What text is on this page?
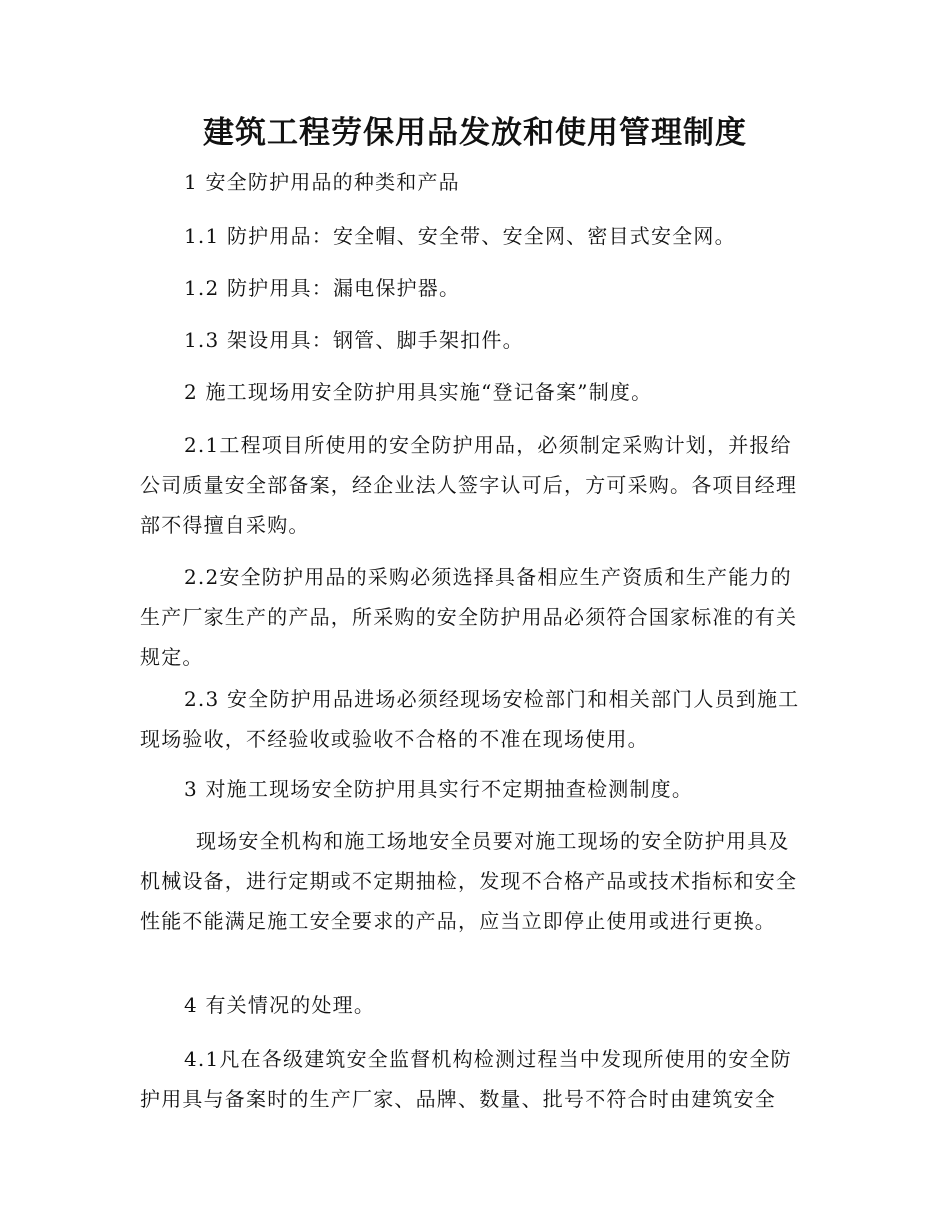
建筑工程劳保用品发放和使用管理制度
1 安全防护用品的种类和产品
1.1 防护用品：安全帽、安全带、安全网、密目式安全网。
1.2 防护用具：漏电保护器。
1.3 架设用具：钢管、脚手架扣件。
2 施工现场用安全防护用具实施“登记备案”制度。
2.1工程项目所使用的安全防护用品，必须制定采购计划，并报给公司质量安全部备案，经企业法人签字认可后，方可采购。各项目经理部不得擅自采购。
2.2安全防护用品的采购必须选择具备相应生产资质和生产能力的生产厂家生产的产品，所采购的安全防护用品必须符合国家标准的有关规定。
2.3 安全防护用品进场必须经现场安检部门和相关部门人员到施工现场验收，不经验收或验收不合格的不准在现场使用。
3 对施工现场安全防护用具实行不定期抽查检测制度。
现场安全机构和施工场地安全员要对施工现场的安全防护用具及机械设备，进行定期或不定期抽检，发现不合格产品或技术指标和安全性能不能满足施工安全要求的产品，应当立即停止使用或进行更换。
4 有关情况的处理。
4.1凡在各级建筑安全监督机构检测过程当中发现所使用的安全防护用具与备案时的生产厂家、品牌、数量、批号不符合时由建筑安全
